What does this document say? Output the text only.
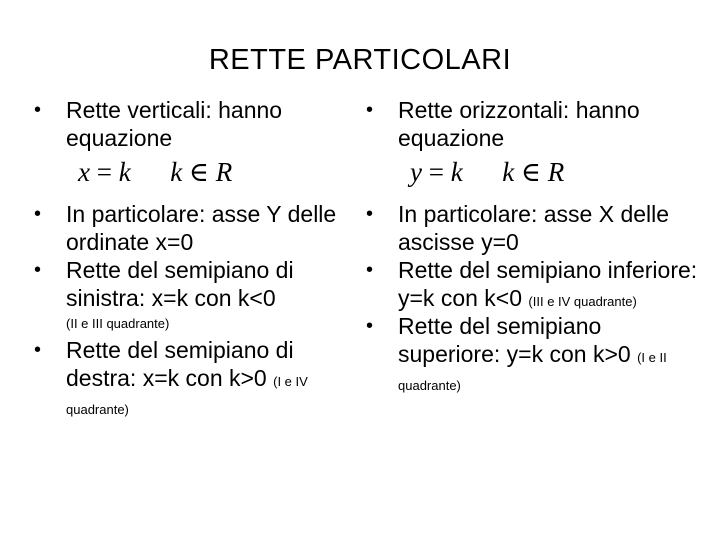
RETTE PARTICOLARI
• Rette verticali: hanno equazione
x = k k ∈ R
• In particolare: asse Y delle ordinate x=0
• Rette del semipiano di sinistra: x=k con k<0
(II e III quadrante)
• Rette del semipiano di destra: x=k con k>0 (I e IV quadrante)
• Rette orizzontali: hanno equazione
y = k k ∈ R
• In particolare: asse X delle ascisse y=0
• Rette del semipiano inferiore: y=k con k<0 (III e IV quadrante)
• Rette del semipiano superiore: y=k con k>0 (I e II quadrante)
